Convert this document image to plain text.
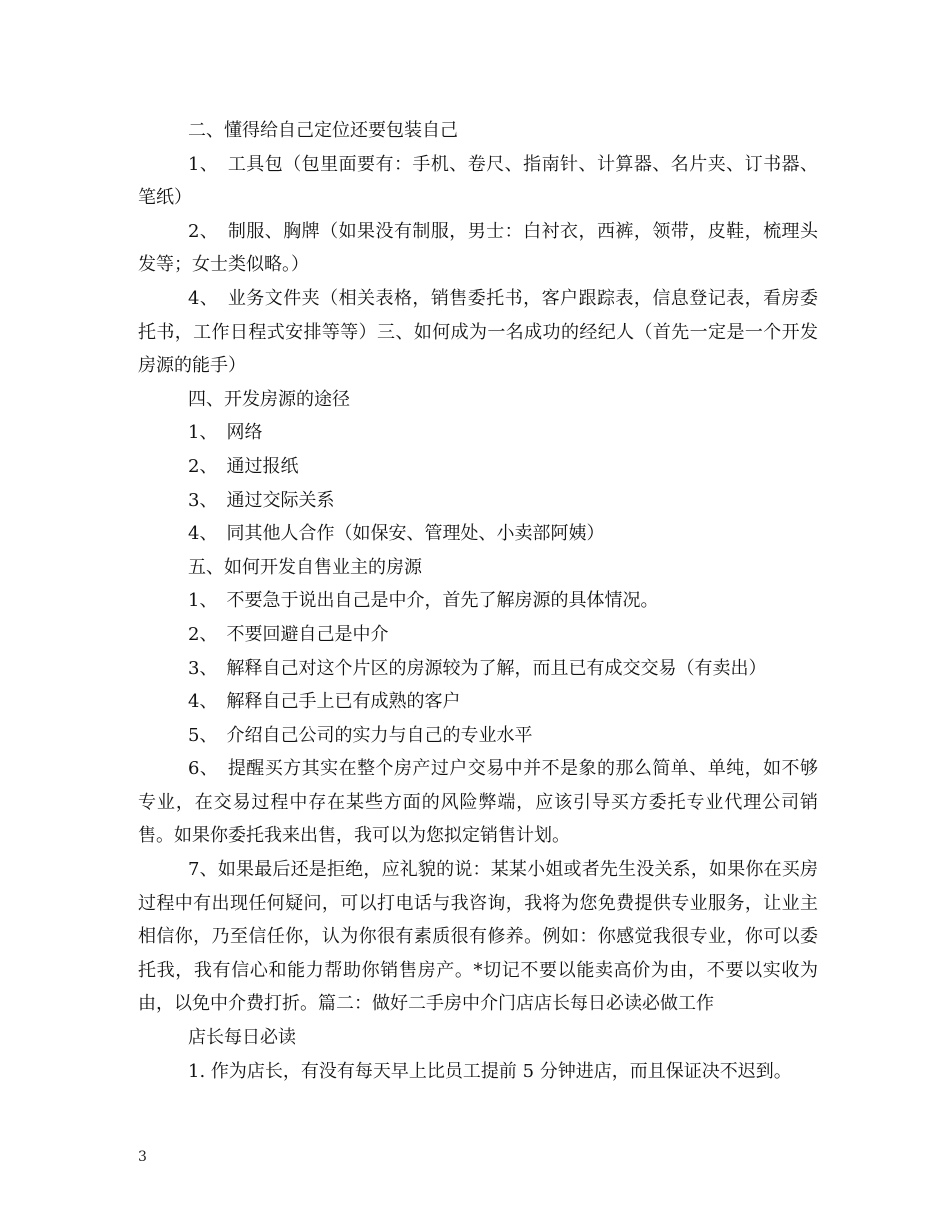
二、懂得给自己定位还要包装自己

1、　工具包（包里面要有：手机、卷尺、指南针、计算器、名片夹、订书器、笔纸）

2、　制服、胸牌（如果没有制服，男士：白衬衣，西裤，领带，皮鞋，梳理头发等；女士类似略。）

4、　业务文件夹（相关表格，销售委托书，客户跟踪表，信息登记表，看房委托书，工作日程式安排等等）三、如何成为一名成功的经纪人（首先一定是一个开发房源的能手）

四、开发房源的途径

1、　网络

2、　通过报纸

3、　通过交际关系

4、　同其他人合作（如保安、管理处、小卖部阿姨）

五、如何开发自售业主的房源

1、　不要急于说出自己是中介，首先了解房源的具体情况。

2、　不要回避自己是中介

3、　解释自己对这个片区的房源较为了解，而且已有成交交易（有卖出）

4、　解释自己手上已有成熟的客户

5、　介绍自己公司的实力与自己的专业水平

6、　提醒买方其实在整个房产过户交易中并不是象的那么简单、单纯，如不够专业，在交易过程中存在某些方面的风险弊端，应该引导买方委托专业代理公司销售。如果你委托我来出售，我可以为您拟定销售计划。

7、如果最后还是拒绝，应礼貌的说：某某小姐或者先生没关系，如果你在买房过程中有出现任何疑问，可以打电话与我咨询，我将为您免费提供专业服务，让业主相信你，乃至信任你，认为你很有素质很有修养。例如：你感觉我很专业，你可以委托我，我有信心和能力帮助你销售房产。*切记不要以能卖高价为由，不要以实收为由，以免中介费打折。篇二：做好二手房中介门店店长每日必读必做工作

店长每日必读

1. 作为店长，有没有每天早上比员工提前 5 分钟进店，而且保证决不迟到。

3
